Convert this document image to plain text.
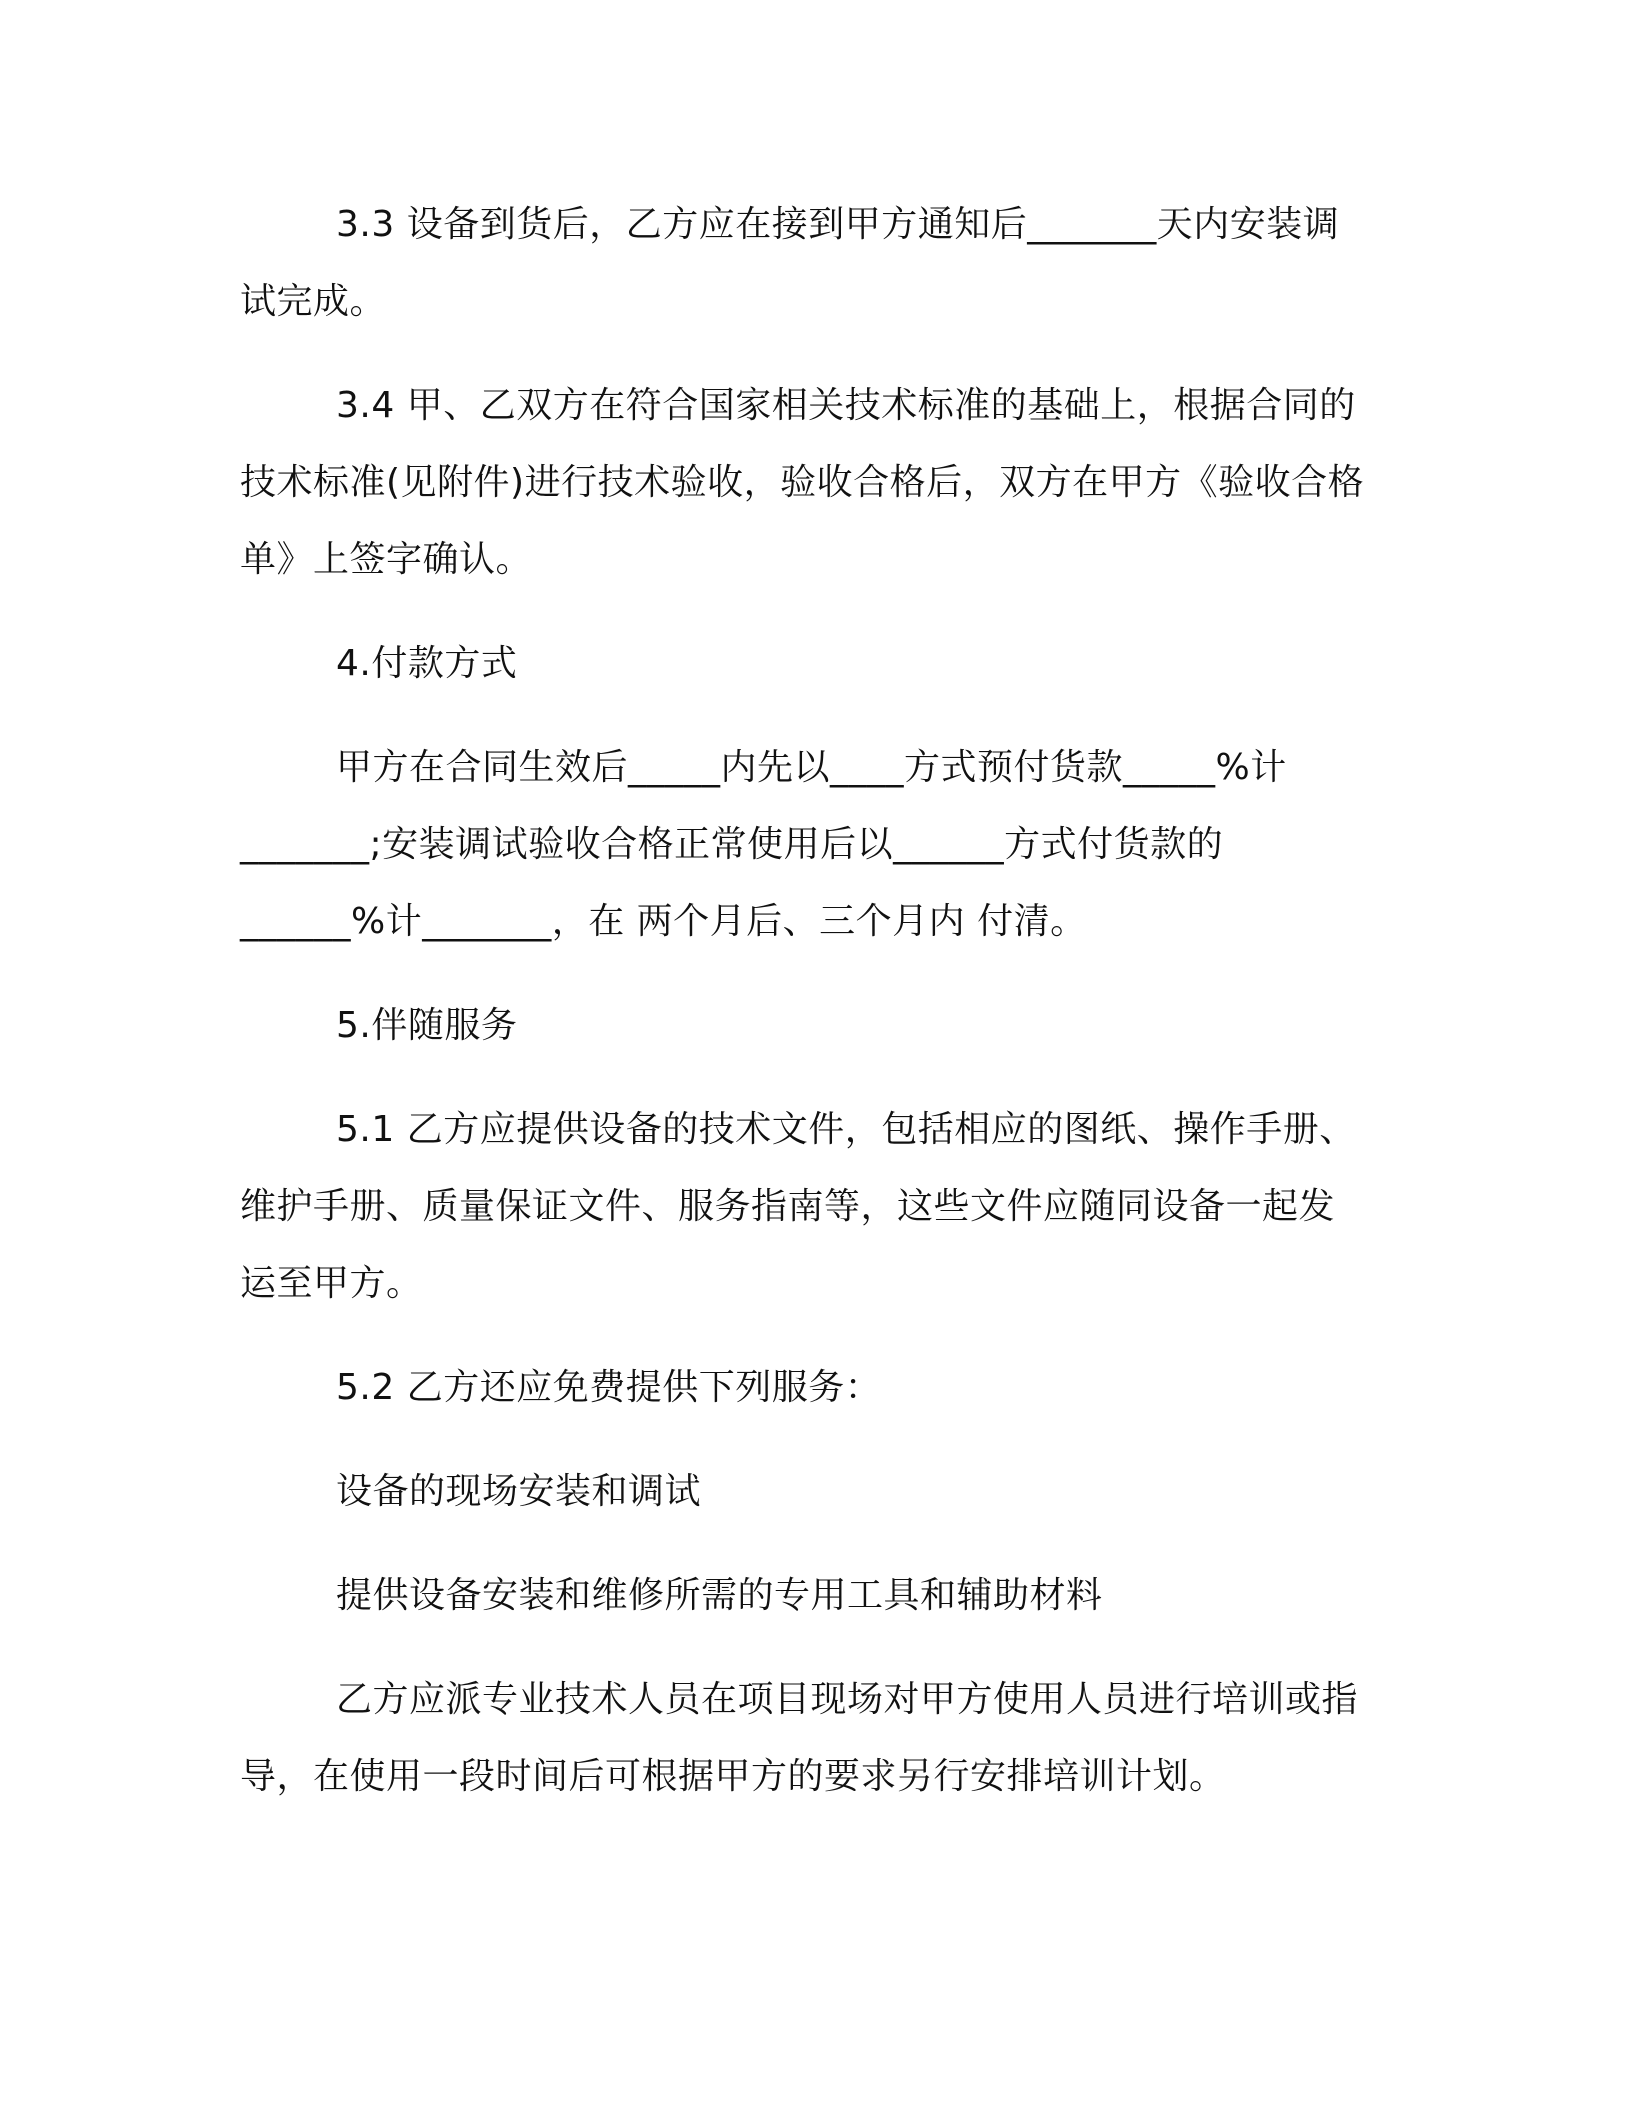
3.3 设备到货后，乙方应在接到甲方通知后_______天内安装调
试完成。

3.4 甲、乙双方在符合国家相关技术标准的基础上，根据合同的
技术标准(见附件)进行技术验收，验收合格后，双方在甲方《验收合格
单》上签字确认。

4.付款方式

甲方在合同生效后_____内先以____方式预付货款_____%计
_______;安装调试验收合格正常使用后以______方式付货款的
______%计_______，在 两个月后、三个月内 付清。

5.伴随服务

5.1 乙方应提供设备的技术文件，包括相应的图纸、操作手册、
维护手册、质量保证文件、服务指南等，这些文件应随同设备一起发
运至甲方。

5.2 乙方还应免费提供下列服务：

设备的现场安装和调试

提供设备安装和维修所需的专用工具和辅助材料

乙方应派专业技术人员在项目现场对甲方使用人员进行培训或指
导，在使用一段时间后可根据甲方的要求另行安排培训计划。
